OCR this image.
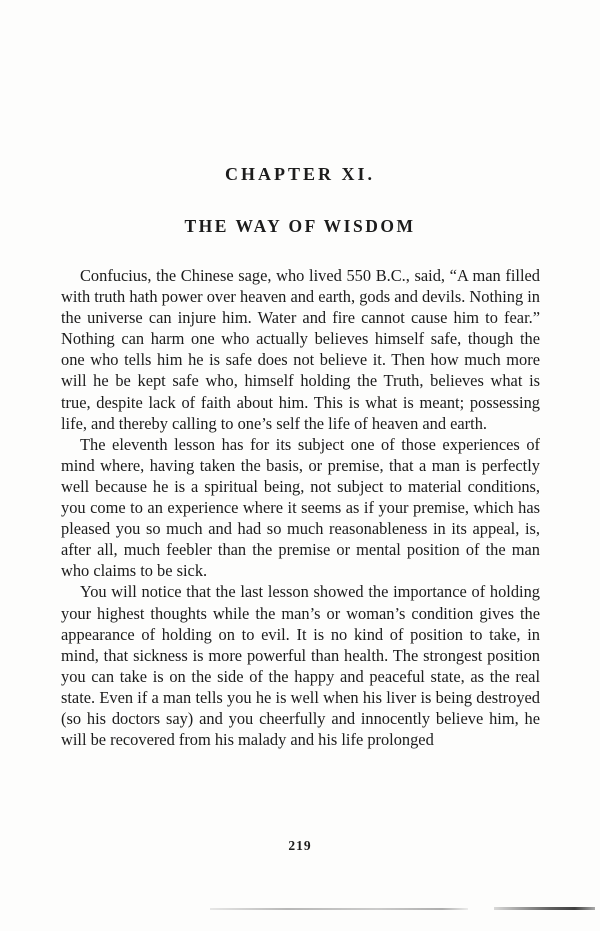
CHAPTER XI.
THE WAY OF WISDOM

Confucius, the Chinese sage, who lived 550 B.C., said, “A man filled with truth hath power over heaven and earth, gods and devils. Nothing in the universe can injure him. Water and fire cannot cause him to fear.” Nothing can harm one who actually believes himself safe, though the one who tells him he is safe does not believe it. Then how much more will he be kept safe who, himself holding the Truth, believes what is true, despite lack of faith about him. This is what is meant; possessing life, and thereby calling to one’s self the life of heaven and earth.

The eleventh lesson has for its subject one of those experiences of mind where, having taken the basis, or premise, that a man is perfectly well because he is a spiritual being, not subject to material conditions, you come to an experience where it seems as if your premise, which has pleased you so much and had so much reasonableness in its appeal, is, after all, much feebler than the premise or mental position of the man who claims to be sick.

You will notice that the last lesson showed the importance of holding your highest thoughts while the man’s or woman’s condition gives the appearance of holding on to evil. It is no kind of position to take, in mind, that sickness is more powerful than health. The strongest position you can take is on the side of the happy and peaceful state, as the real state. Even if a man tells you he is well when his liver is being destroyed (so his doctors say) and you cheerfully and innocently believe him, he will be recovered from his malady and his life prolonged

219
